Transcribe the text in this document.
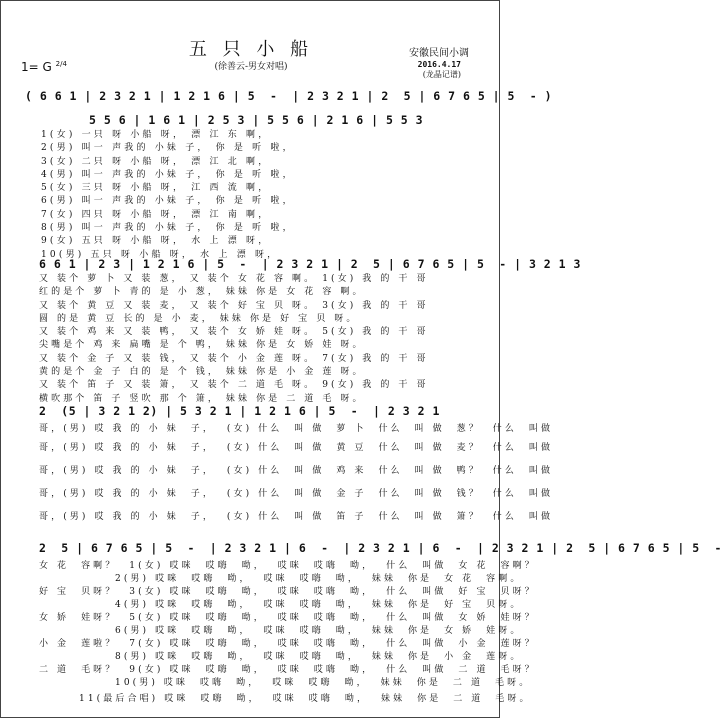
五 只 小 船
(徐善云-男女对唱)
安徽民间小调
2016.4.17
(龙晶记谱)
1= G $^{2/4}$
( 6 6 1 | 2 3 2 1 | 1 2 1 6 | 5  -  | 2 3 2 1 | 2  5 | 6 7 6 5 | 5  - )
5 5 6 | 1 6 1 | 2 5 3 | 5 5 6 | 2 1 6 | 5 5 3
1(女) 一只 呀 小船 呀， 漂 江 东 啊，
2(男) 叫一 声我的 小妹 子， 你 是 听 啦，
3(女) 二只 呀 小船 呀， 漂 江 北 啊，
4(男) 叫一 声我的 小妹 子， 你 是 听 啦，
5(女) 三只 呀 小船 呀， 江 西 流 啊，
6(男) 叫一 声我的 小妹 子， 你 是 听 啦，
7(女) 四只 呀 小船 呀， 漂 江 南 啊，
8(男) 叫一 声我的 小妹 子， 你 是 听 啦，
9(女) 五只 呀 小船 呀， 水 上 漂 呀，
10(男) 五只 呀 小船 呀， 水 上 漂 呀，
6 6 1 | 2 3 | 1 2 1 6 | 5  -  | 2 3 2 1 | 2  5 | 6 7 6 5 | 5  - | 3 2 1 3
又 装个 萝 卜 又 装 葱， 又 装个 女 花 容 啊。 1(女) 我 的 干 哥
红的是个 萝 卜 青的 是 小 葱， 妹妹 你是 女 花 容 啊。
又 装个 黄 豆 又 装 麦， 又 装个 好 宝 贝 呀。 3(女) 我 的 干 哥
圆 的是 黄 豆 长的 是 小 麦， 妹妹 你是 好 宝 贝 呀。
又 装个 鸡 来 又 装 鸭， 又 装个 女 娇 娃 呀。 5(女) 我 的 干 哥
尖嘴是个 鸡 来 扁嘴 是 个 鸭， 妹妹 你是 女 娇 娃 呀。
又 装个 金 子 又 装 钱， 又 装个 小 金 莲 呀。 7(女) 我 的 干 哥
黄的是个 金 子 白的 是 个 钱， 妹妹 你是 小 金 莲 呀。
又 装个 笛 子 又 装 箫， 又 装个 二 道 毛 呀。 9(女) 我 的 干 哥
横吹那个 笛 子 竖吹 那 个 箫， 妹妹 你是 二 道 毛 呀。
2  (5 | 3 2 1 2) | 5 3 2 1 | 1 2 1 6 | 5  -  | 2 3 2 1
哥，(男) 哎 我 的 小 妹  子，  (女) 什么  叫 做  萝 卜  什么  叫 做  葱？  什么  叫做
哥，(男) 哎 我 的 小 妹  子，  (女) 什么  叫 做  黄 豆  什么  叫 做  麦？  什么  叫做
哥，(男) 哎 我 的 小 妹  子，  (女) 什么  叫 做  鸡 来  什么  叫 做  鸭？  什么  叫做
哥，(男) 哎 我 的 小 妹  子，  (女) 什么  叫 做  金 子  什么  叫 做  钱？  什么  叫做
哥，(男) 哎 我 的 小 妹  子，  (女) 什么  叫 做  笛 子  什么  叫 做  箫？  什么  叫做
2  5 | 6 7 6 5 | 5  -  | 2 3 2 1 | 6  -  | 2 3 2 1 | 6  -  | 2 3 2 1 | 2  5 | 6 7 6 5 | 5  -
女 花  容啊？  1(女) 哎咪  哎嗨  呦，  哎咪  哎嗨  呦，  什么  叫做  女 花  容啊？
2(男) 哎咪  哎嗨  呦，  哎咪  哎嗨  呦，  妹妹  你是  女 花  容啊。
好 宝  贝呀？  3(女) 哎咪  哎嗨  呦，  哎咪  哎嗨  呦，  什么  叫做  好 宝  贝呀？
4(男) 哎咪  哎嗨  呦，  哎咪  哎嗨  呦，  妹妹  你是  好 宝  贝呀。
女 娇  娃呀？  5(女) 哎咪  哎嗨  呦，  哎咪  哎嗨  呦，  什么  叫做  女 娇  娃呀？
6(男) 哎咪  哎嗨  呦，  哎咪  哎嗨  呦，  妹妹  你是  女 娇  娃呀。
小 金  莲啦？  7(女) 哎咪  哎嗨  呦，  哎咪  哎嗨  呦，  什么  叫做  小 金  莲呀？
8(男) 哎咪  哎嗨  呦，  哎咪  哎嗨  呦，  妹妹  你是  小 金  莲呀。
二 道  毛呀？  9(女) 哎咪  哎嗨  呦，  哎咪  哎嗨  呦，  什么  叫做  二 道  毛呀？
10(男) 哎咪  哎嗨  呦，  哎咪  哎嗨  呦，  妹妹  你是  二 道  毛呀。
11(最后合唱) 哎咪  哎嗨  呦，  哎咪  哎嗨  呦，  妹妹  你是  二 道  毛呀。
